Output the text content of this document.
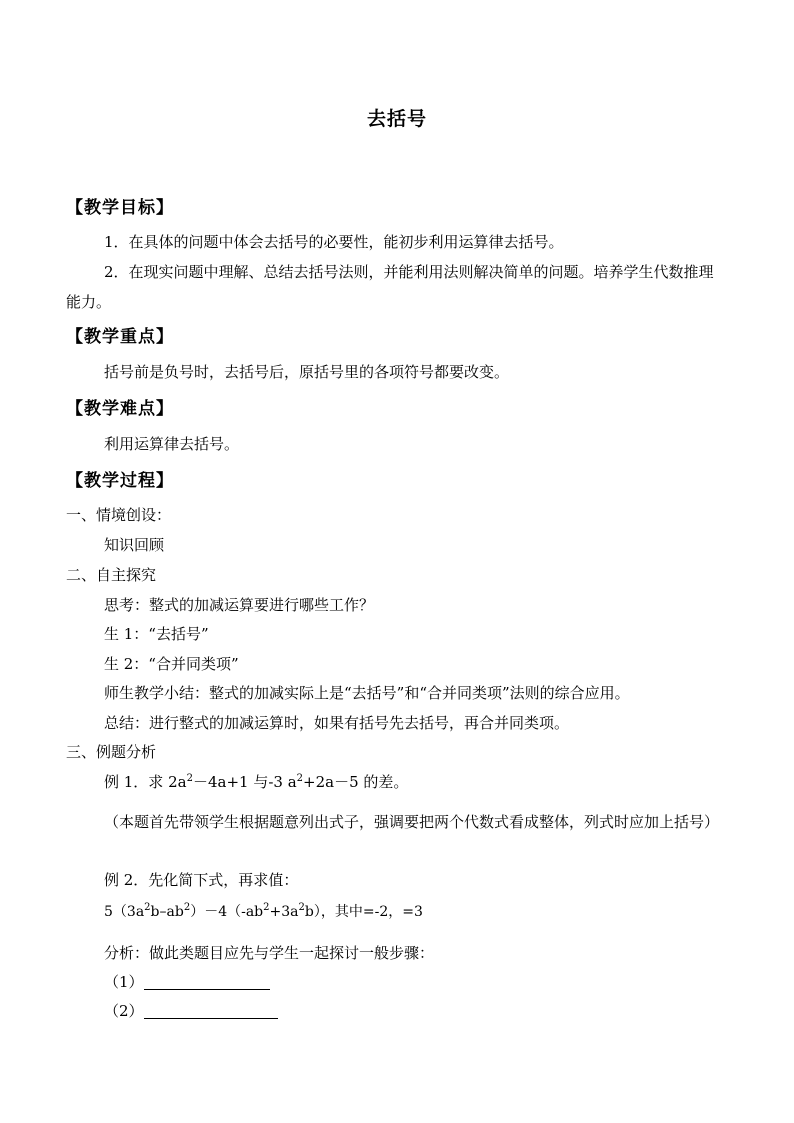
去括号
【教学目标】
1．在具体的问题中体会去括号的必要性，能初步利用运算律去括号。
2．在现实问题中理解、总结去括号法则，并能利用法则解决简单的问题。培养学生代数推理能力。
【教学重点】
括号前是负号时，去括号后，原括号里的各项符号都要改变。
【教学难点】
利用运算律去括号。
【教学过程】
一、情境创设：
知识回顾
二、自主探究
思考：整式的加减运算要进行哪些工作？
生 1：“去括号”
生 2：“合并同类项”
师生教学小结：整式的加减实际上是“去括号”和“合并同类项”法则的综合应用。
总结：进行整式的加减运算时，如果有括号先去括号，再合并同类项。
三、例题分析
例 1．求 $2a^2-4a+1$ 与-3 $a^2+2a-5$ 的差。
（本题首先带领学生根据题意列出式子，强调要把两个代数式看成整体，列式时应加上括号）
例 2．先化简下式，再求值：
$5(3a^2b-ab^2)-4(-ab^2+3a^2b)$，其中=-2，=3
分析：做此类题目应先与学生一起探讨一般步骤：
（1）
（2）
